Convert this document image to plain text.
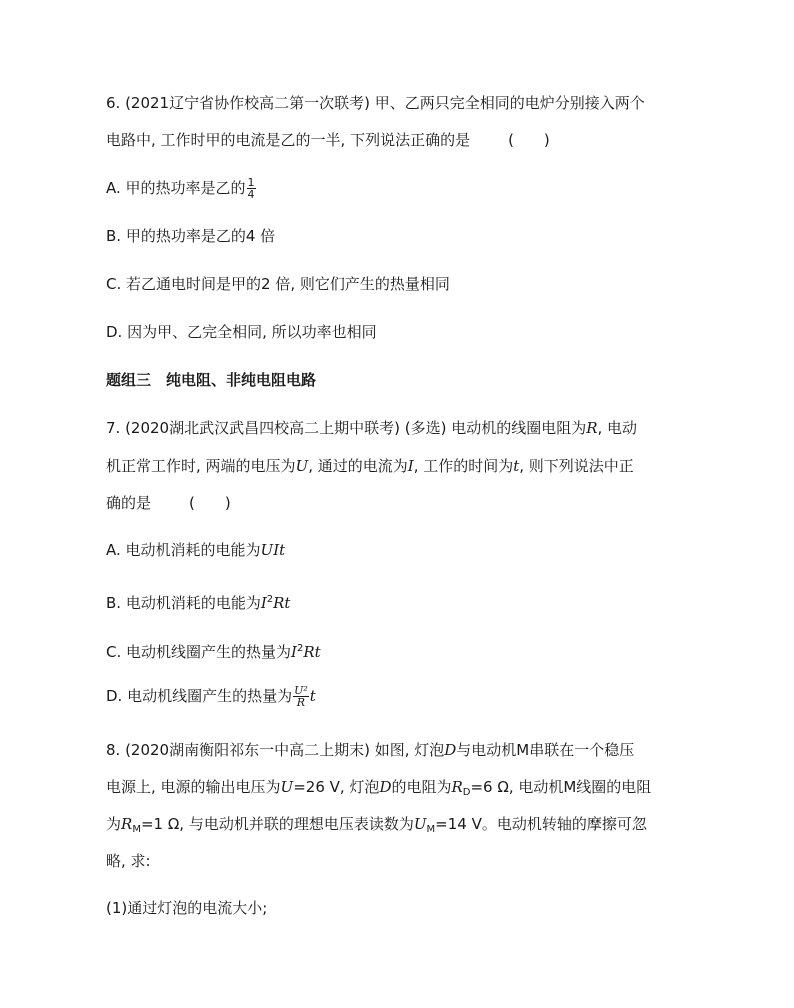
6. (2021辽宁省协作校高二第一次联考) 甲、乙两只完全相同的电炉分别接入两个
电路中, 工作时甲的电流是乙的一半, 下列说法正确的是	(　　)
A. 甲的热功率是乙的 $\frac{1}{4}$
B. 甲的热功率是乙的4 倍
C. 若乙通电时间是甲的2 倍, 则它们产生的热量相同
D. 因为甲、乙完全相同, 所以功率也相同
题组三　纯电阻、非纯电阻电路
7. (2020湖北武汉武昌四校高二上期中联考) (多选) 电动机的线圈电阻为R, 电动
机正常工作时, 两端的电压为U, 通过的电流为I, 工作的时间为t, 则下列说法中正
确的是	(　　)
A. 电动机消耗的电能为UIt
B. 电动机消耗的电能为$I^2Rt$
C. 电动机线圈产生的热量为$I^2Rt$
D. 电动机线圈产生的热量为 $\frac{\text{U²}}{R}$ t
8. (2020湖南衡阳祁东一中高二上期末) 如图, 灯泡D与电动机M串联在一个稳压
电源上, 电源的输出电压为U=26 V, 灯泡D的电阻为$R_D=6$ Ω, 电动机M线圈的电阻
为$R_M=1$ Ω, 与电动机并联的理想电压表读数为$U_M=14$ V。电动机转轴的摩擦可忽
略, 求:
(1)通过灯泡的电流大小;
